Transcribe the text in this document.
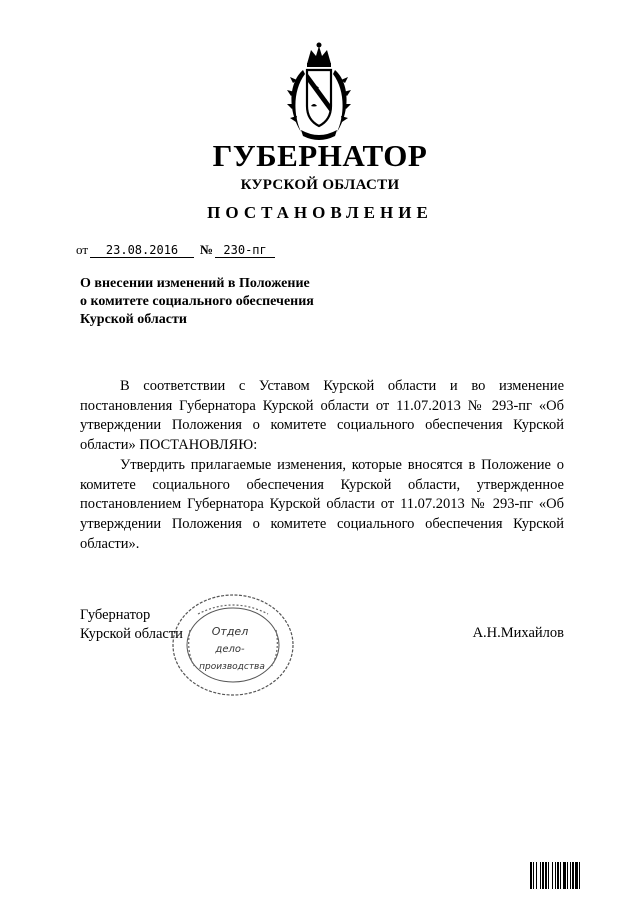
ГУБЕРНАТОР
КУРСКОЙ ОБЛАСТИ
ПОСТАНОВЛЕНИЕ
от 23.08.2016 № 230-пг
О внесении изменений в Положение
о комитете социального обеспечения
Курской области

В соответствии с Уставом Курской области и во изменение постановления Губернатора Курской области от 11.07.2013 № 293-пг «Об утверждении Положения о комитете социального обеспечения Курской области» ПОСТАНОВЛЯЮ:

Утвердить прилагаемые изменения, которые вносятся в Положение о комитете социального обеспечения Курской области, утвержденное постановлением Губернатора Курской области от 11.07.2013 № 293-пг «Об утверждении Положения о комитете социального обеспечения Курской области».

Отдел
дело-
производства
Губернатор
Курской области	А.Н.Михайлов
